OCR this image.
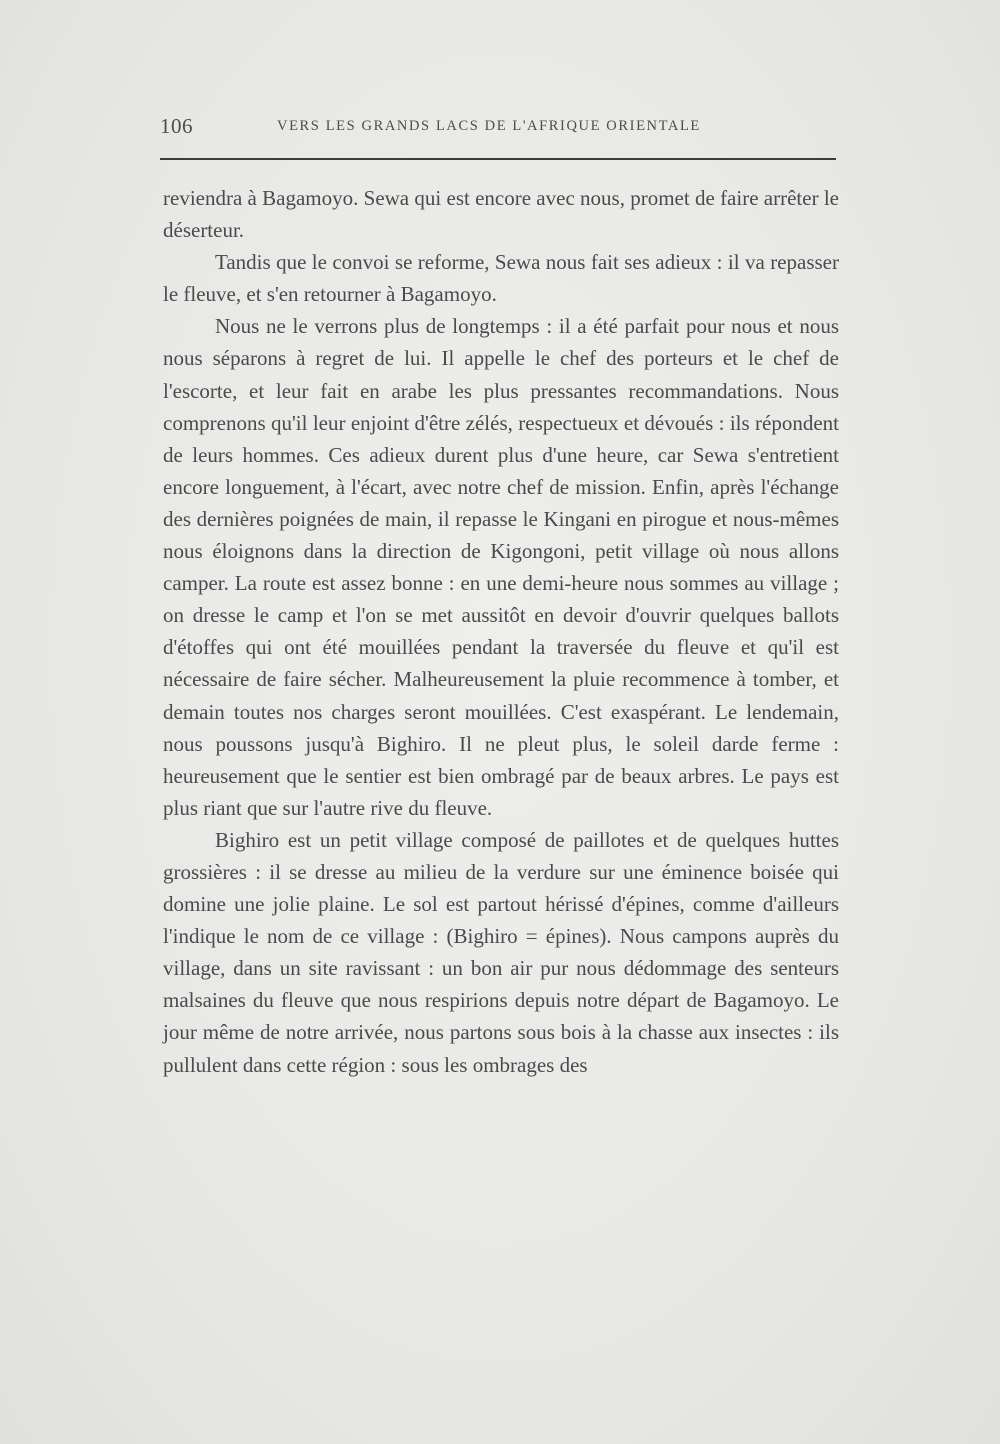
106	VERS LES GRANDS LACS DE L'AFRIQUE ORIENTALE

reviendra à Bagamoyo. Sewa qui est encore avec nous, promet de faire arrêter le déserteur.

Tandis que le convoi se reforme, Sewa nous fait ses adieux : il va repasser le fleuve, et s'en retourner à Bagamoyo.

Nous ne le verrons plus de longtemps : il a été parfait pour nous et nous nous séparons à regret de lui. Il appelle le chef des porteurs et le chef de l'escorte, et leur fait en arabe les plus pressantes recommandations. Nous comprenons qu'il leur enjoint d'être zélés, respectueux et dévoués : ils répondent de leurs hommes. Ces adieux durent plus d'une heure, car Sewa s'entretient encore longuement, à l'écart, avec notre chef de mission. Enfin, après l'échange des dernières poignées de main, il repasse le Kingani en pirogue et nous-mêmes nous éloignons dans la direction de Kigongoni, petit village où nous allons camper. La route est assez bonne : en une demi-heure nous sommes au village ; on dresse le camp et l'on se met aussitôt en devoir d'ouvrir quelques ballots d'étoffes qui ont été mouillées pendant la traversée du fleuve et qu'il est nécessaire de faire sécher. Malheureusement la pluie recommence à tomber, et demain toutes nos charges seront mouillées. C'est exaspérant. Le lendemain, nous poussons jusqu'à Bighiro. Il ne pleut plus, le soleil darde ferme : heureusement que le sentier est bien ombragé par de beaux arbres. Le pays est plus riant que sur l'autre rive du fleuve.

Bighiro est un petit village composé de paillotes et de quelques huttes grossières : il se dresse au milieu de la verdure sur une éminence boisée qui domine une jolie plaine. Le sol est partout hérissé d'épines, comme d'ailleurs l'indique le nom de ce village : (Bighiro = épines). Nous campons auprès du village, dans un site ravissant : un bon air pur nous dédommage des senteurs malsaines du fleuve que nous respirions depuis notre départ de Bagamoyo. Le jour même de notre arrivée, nous partons sous bois à la chasse aux insectes : ils pullulent dans cette région : sous les ombrages des
